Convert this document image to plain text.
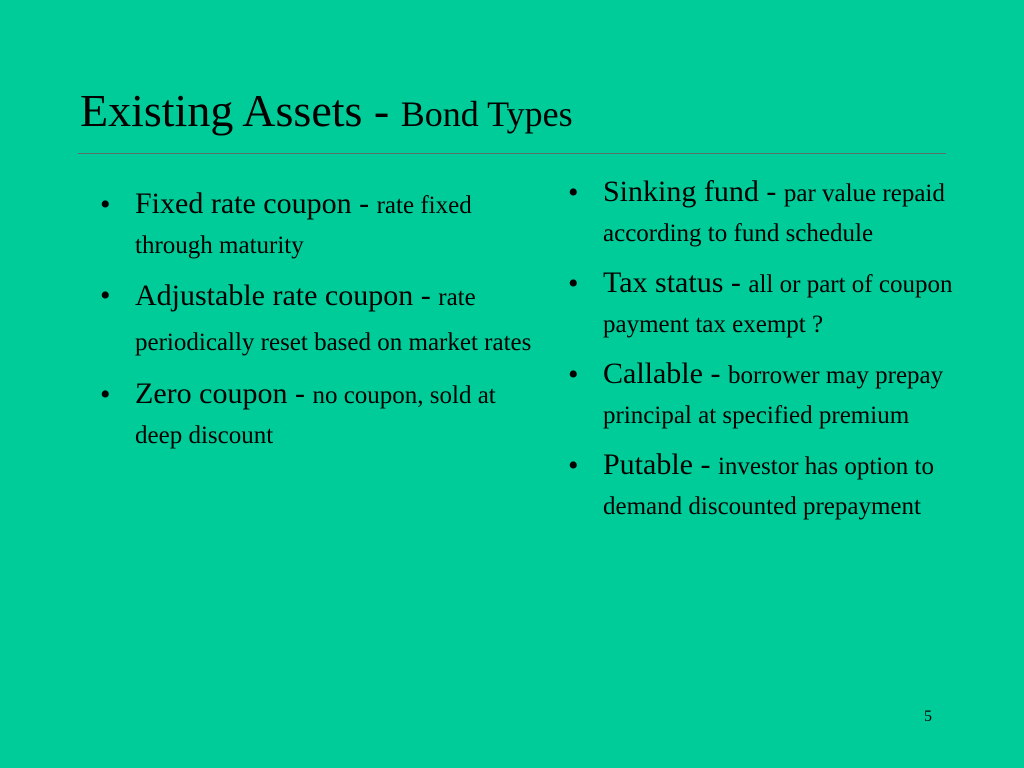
Existing Assets - Bond Types
• Fixed rate coupon - rate fixed through maturity
• Adjustable rate coupon - rate periodically reset based on market rates
• Zero coupon - no coupon, sold at deep discount
• Sinking fund - par value repaid according to fund schedule
• Tax status - all or part of coupon payment tax exempt ?
• Callable - borrower may prepay principal at specified premium
• Putable - investor has option to demand discounted prepayment
5
